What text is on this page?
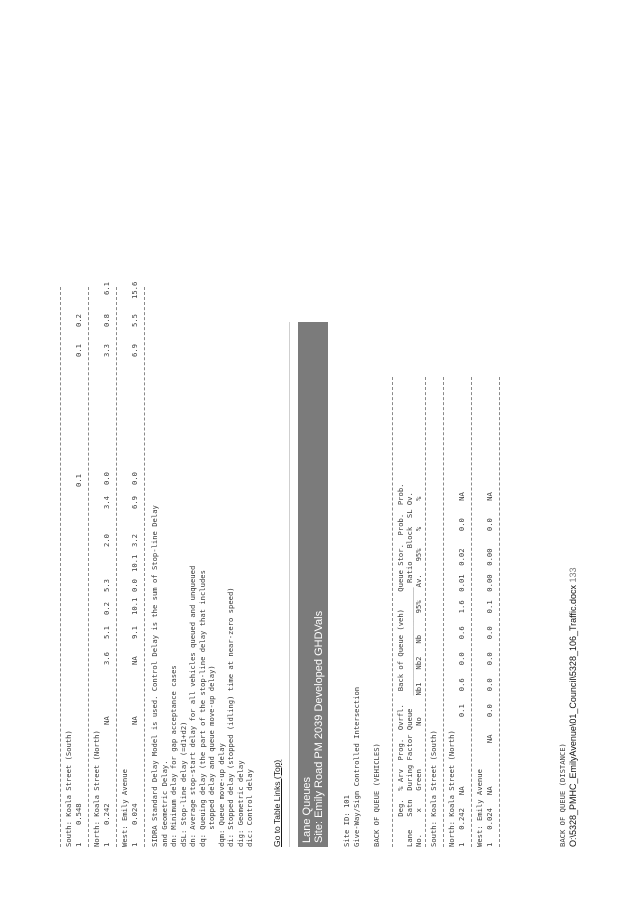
South: Koala Street (South) 1
0.548
0.1
0.1
0.2
North: Koala Street (North) 1
0.242
NA
3.6
5.1
0.2
5.3
2.0
3.4
0.0
3.3
0.8
6.1
West: Emily Avenue 1
0.024
NA
NA
9.1
10.1
0.0
10.1
3.2
6.9
0.0
6.9
5.5
15.6
SIDRA Standard Delay Model is used. Control Delay is the sum of Stop-line Delay and Geometric Delay. dn: Minimum delay for gap acceptance cases dSL: Stop-line delay (=d1+d2) dn: Average stop-start delay for all vehicles queued and unqueued dq: Queuing delay (the part of the stop-line delay that includes stopped delay and queue move-up delay) dqm: Queue move-up delay di: Stopped delay (stopped (idling) time at near-zero speed) dig: Geometric delay dic: Control delay Go to Table Links (Top) Lane Queues Site: Emily Road PM 2039 Developed GHDVals Site ID: 101 Give-Way/Sign Controlled Intersection BACK OF QUEUE (VEHICLES) Deg.  % Arv  Prog.  Ovrfl.   Back of Queue (veh)    Queue Stor.  Prob.  Prob. Lane   Satn  During Factor Queue   _________________________ Ratio   Block  SL Ov. No.     x    Green          No     Nb1   Nb2   Nb     95%   Av.   95%    %      % South: Koala Street (South) North: Koala Street (North) 1   0.242   NA                0.1   0.6   0.0   0.6   1.6  0.01  0.02    0.0    NA West: Emily Avenue 1   0.024   NA          NA    0.0   0.0   0.0   0.0   0.1  0.00  0.00    0.0    NA	BACK OF QUEUE (DISTANCE) O:\5328_PMHC_EmilyAvenue\01_Council\5328_106_Traffic.docx 133
